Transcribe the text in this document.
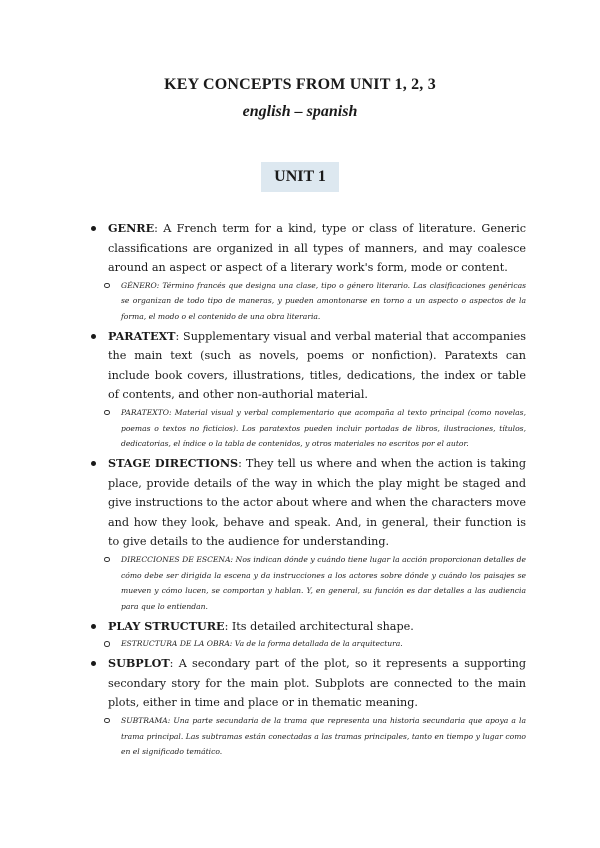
KEY CONCEPTS FROM UNIT 1, 2, 3
english – spanish
UNIT 1
GENRE: A French term for a kind, type or class of literature. Generic classifications are organized in all types of manners, and may coalesce around an aspect or aspect of a literary work's form, mode or content.
GÉNERO: Término francés que designa una clase, tipo o género literario. Las clasificaciones genéricas se organizan de todo tipo de maneras, y pueden amontonarse en torno a un aspecto o aspectos de la forma, el modo o el contenido de una obra literaria.
PARATEXT: Supplementary visual and verbal material that accompanies the main text (such as novels, poems or nonfiction). Paratexts can include book covers, illustrations, titles, dedications, the index or table of contents, and other non-authorial material.
PARATEXTO: Material visual y verbal complementario que acompaña al texto principal (como novelas, poemas o textos no ficticios). Los paratextos pueden incluir portadas de libros, ilustraciones, títulos, dedicatorias, el índice o la tabla de contenidos, y otros materiales no escritos por el autor.
STAGE DIRECTIONS: They tell us where and when the action is taking place, provide details of the way in which the play might be staged and give instructions to the actor about where and when the characters move and how they look, behave and speak. And, in general, their function is to give details to the audience for understanding.
DIRECCIONES DE ESCENA: Nos indican dónde y cuándo tiene lugar la acción proporcionan detalles de cómo debe ser dirigida la escena y da instrucciones a los actores sobre dónde y cuándo los paisajes se mueven y cómo lucen, se comportan y hablan. Y, en general, su función es dar detalles a las audiencia para que lo entiendan.
PLAY STRUCTURE: Its detailed architectural shape.
ESTRUCTURA DE LA OBRA: Va de la forma detallada de la arquitectura.
SUBPLOT: A secondary part of the plot, so it represents a supporting secondary story for the main plot. Subplots are connected to the main plots, either in time and place or in thematic meaning.
SUBTRAMA: Una parte secundaria de la trama que representa una historia secundaria que apoya a la trama principal. Las subtramas están conectadas a las tramas principales, tanto en tiempo y lugar como en el significado temático.
